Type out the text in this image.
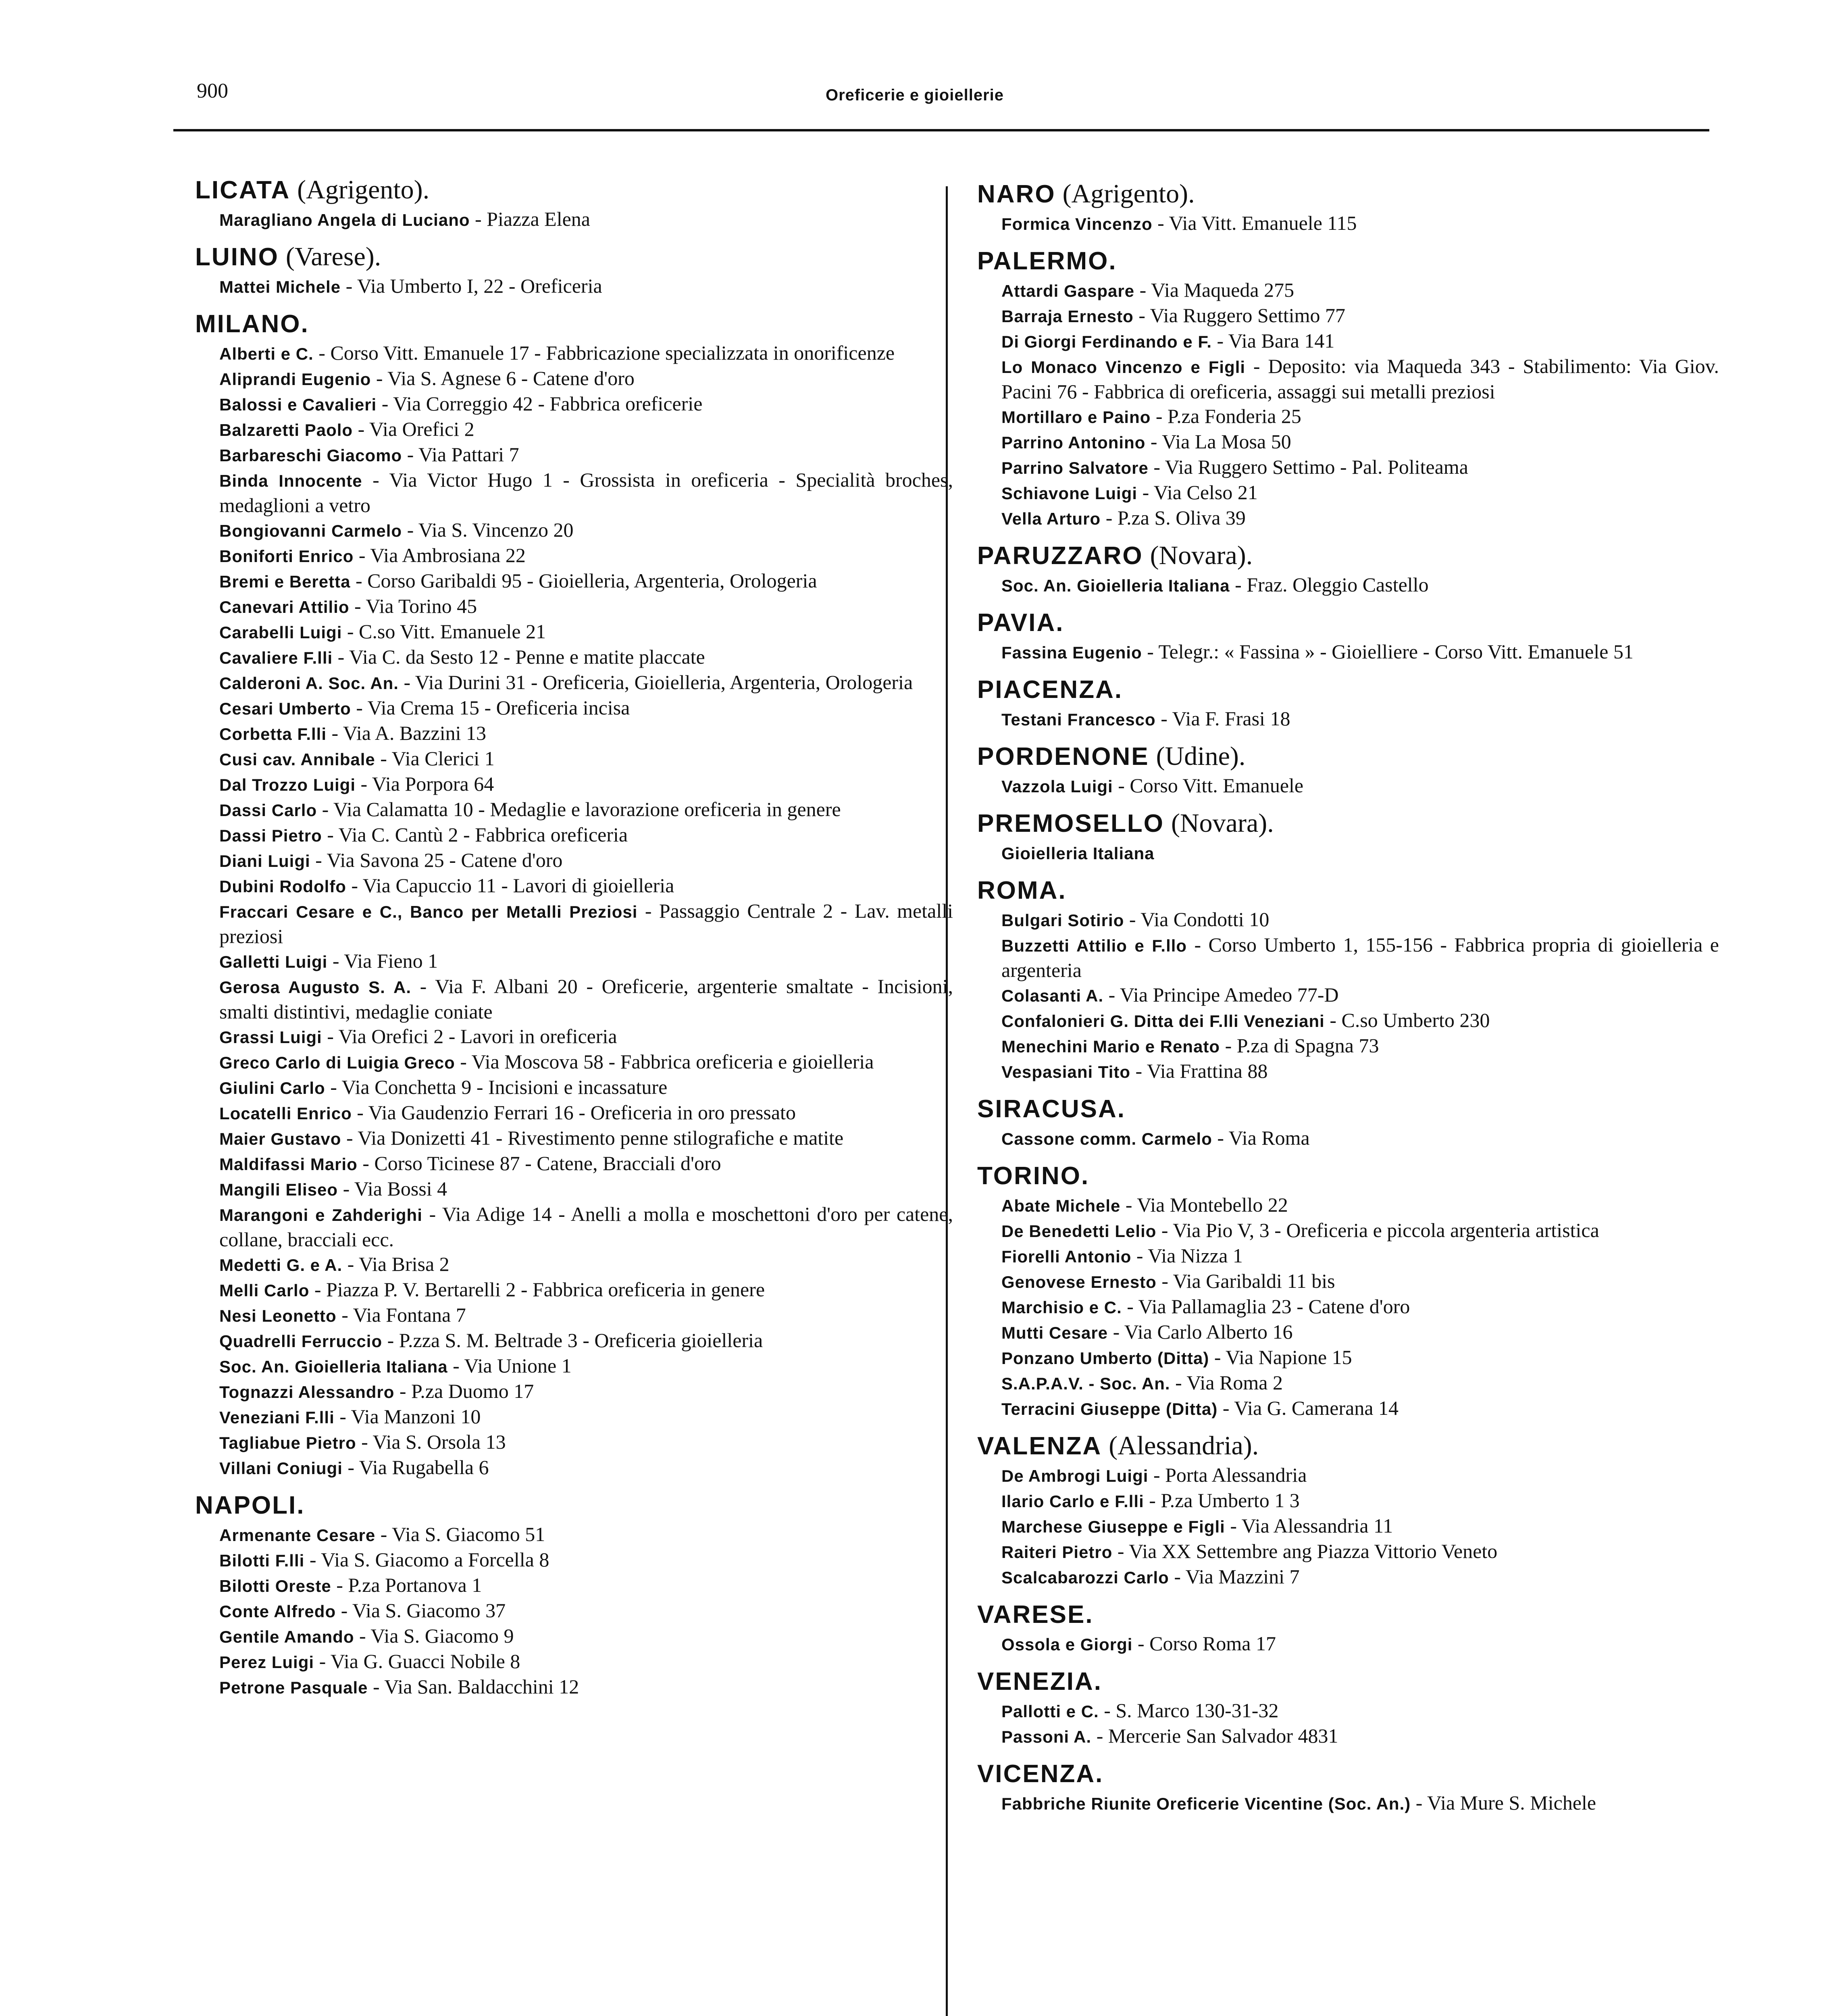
900	Oreficerie e gioiellerie
LICATA (Agrigento).
Maragliano Angela di Luciano - Piazza Elena
LUINO (Varese).
Mattei Michele - Via Umberto I, 22 - Oreficeria
MILANO.
Alberti e C. - Corso Vitt. Emanuele 17 - Fabbricazione specializzata in onorificenze
Aliprandi Eugenio - Via S. Agnese 6 - Catene d'oro
Balossi e Cavalieri - Via Correggio 42 - Fabbrica oreficerie
Balzaretti Paolo - Via Orefici 2
Barbareschi Giacomo - Via Pattari 7
Binda Innocente - Via Victor Hugo 1 - Grossista in oreficeria - Specialità broches, medaglioni a vetro
Bongiovanni Carmelo - Via S. Vincenzo 20
Boniforti Enrico - Via Ambrosiana 22
Bremi e Beretta - Corso Garibaldi 95 - Gioielleria, Argenteria, Orologeria
Canevari Attilio - Via Torino 45
Carabelli Luigi - C.so Vitt. Emanuele 21
Cavaliere F.lli - Via C. da Sesto 12 - Penne e matite placcate
Calderoni A. Soc. An. - Via Durini 31 - Oreficeria, Gioielleria, Argenteria, Orologeria
Cesari Umberto - Via Crema 15 - Oreficeria incisa
Corbetta F.lli - Via A. Bazzini 13
Cusi cav. Annibale - Via Clerici 1
Dal Trozzo Luigi - Via Porpora 64
Dassi Carlo - Via Calamatta 10 - Medaglie e lavorazione oreficeria in genere
Dassi Pietro - Via C. Cantù 2 - Fabbrica oreficeria
Diani Luigi - Via Savona 25 - Catene d'oro
Dubini Rodolfo - Via Capuccio 11 - Lavori di gioielleria
Fraccari Cesare e C., Banco per Metalli Preziosi - Passaggio Centrale 2 - Lav. metalli preziosi
Galletti Luigi - Via Fieno 1
Gerosa Augusto S. A. - Via F. Albani 20 - Oreficerie, argenterie smaltate - Incisioni, smalti distintivi, medaglie coniate
Grassi Luigi - Via Orefici 2 - Lavori in oreficeria
Greco Carlo di Luigia Greco - Via Moscova 58 - Fabbrica oreficeria e gioielleria
Giulini Carlo - Via Conchetta 9 - Incisioni e incassature
Locatelli Enrico - Via Gaudenzio Ferrari 16 - Oreficeria in oro pressato
Maier Gustavo - Via Donizetti 41 - Rivestimento penne stilografiche e matite
Maldifassi Mario - Corso Ticinese 87 - Catene, Bracciali d'oro
Mangili Eliseo - Via Bossi 4
Marangoni e Zahderighi - Via Adige 14 - Anelli a molla e moschettoni d'oro per catene, collane, bracciali ecc.
Medetti G. e A. - Via Brisa 2
Melli Carlo - Piazza P. V. Bertarelli 2 - Fabbrica oreficeria in genere
Nesi Leonetto - Via Fontana 7
Quadrelli Ferruccio - P.zza S. M. Beltrade 3 - Oreficeria gioielleria
Soc. An. Gioielleria Italiana - Via Unione 1
Tognazzi Alessandro - P.za Duomo 17
Veneziani F.lli - Via Manzoni 10
Tagliabue Pietro - Via S. Orsola 13
Villani Coniugi - Via Rugabella 6
NAPOLI.
Armenante Cesare - Via S. Giacomo 51
Bilotti F.lli - Via S. Giacomo a Forcella 8
Bilotti Oreste - P.za Portanova 1
Conte Alfredo - Via S. Giacomo 37
Gentile Amando - Via S. Giacomo 9
Perez Luigi - Via G. Guacci Nobile 8
Petrone Pasquale - Via San. Baldacchini 12
NARO (Agrigento).
Formica Vincenzo - Via Vitt. Emanuele 115
PALERMO.
Attardi Gaspare - Via Maqueda 275
Barraja Ernesto - Via Ruggero Settimo 77
Di Giorgi Ferdinando e F. - Via Bara 141
Lo Monaco Vincenzo e Figli - Deposito: via Maqueda 343 - Stabilimento: Via Giov. Pacini 76 - Fabbrica di oreficeria, assaggi sui metalli preziosi
Mortillaro e Paino - P.za Fonderia 25
Parrino Antonino - Via La Mosa 50
Parrino Salvatore - Via Ruggero Settimo - Pal. Politeama
Schiavone Luigi - Via Celso 21
Vella Arturo - P.za S. Oliva 39
PARUZZARO (Novara).
Soc. An. Gioielleria Italiana - Fraz. Oleggio Castello
PAVIA.
Fassina Eugenio - Telegr.: « Fassina » - Gioielliere - Corso Vitt. Emanuele 51
PIACENZA.
Testani Francesco - Via F. Frasi 18
PORDENONE (Udine).
Vazzola Luigi - Corso Vitt. Emanuele
PREMOSELLO (Novara).
Gioielleria Italiana
ROMA.
Bulgari Sotirio - Via Condotti 10
Buzzetti Attilio e F.llo - Corso Umberto 1, 155-156 - Fabbrica propria di gioielleria e argenteria
Colasanti A. - Via Principe Amedeo 77-D
Confalonieri G. Ditta dei F.lli Veneziani - C.so Umberto 230
Menechini Mario e Renato - P.za di Spagna 73
Vespasiani Tito - Via Frattina 88
SIRACUSA.
Cassone comm. Carmelo - Via Roma
TORINO.
Abate Michele - Via Montebello 22
De Benedetti Lelio - Via Pio V, 3 - Oreficeria e piccola argenteria artistica
Fiorelli Antonio - Via Nizza 1
Genovese Ernesto - Via Garibaldi 11 bis
Marchisio e C. - Via Pallamaglia 23 - Catene d'oro
Mutti Cesare - Via Carlo Alberto 16
Ponzano Umberto (Ditta) - Via Napione 15
S.A.P.A.V. - Soc. An. - Via Roma 2
Terracini Giuseppe (Ditta) - Via G. Camerana 14
VALENZA (Alessandria).
De Ambrogi Luigi - Porta Alessandria
Ilario Carlo e F.lli - P.za Umberto 1 3
Marchese Giuseppe e Figli - Via Alessandria 11
Raiteri Pietro - Via XX Settembre ang Piazza Vittorio Veneto
Scalcabarozzi Carlo - Via Mazzini 7
VARESE.
Ossola e Giorgi - Corso Roma 17
VENEZIA.
Pallotti e C. - S. Marco 130-31-32
Passoni A. - Mercerie San Salvador 4831
VICENZA.
Fabbriche Riunite Oreficerie Vicentine (Soc. An.) - Via Mure S. Michele
